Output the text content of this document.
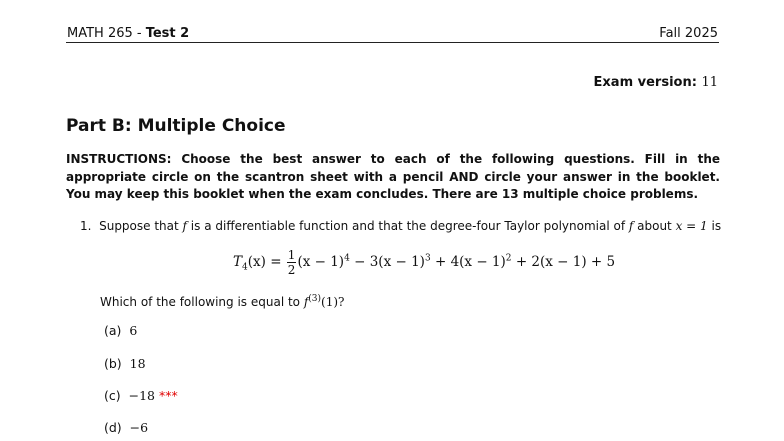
MATH 265 - Test 2	Fall 2025
Exam version: 11
Part B: Multiple Choice
INSTRUCTIONS: Choose the best answer to each of the following questions. Fill in the appropriate circle on the scantron sheet with a pencil AND circle your answer in the booklet. You may keep this booklet when the exam concludes. There are 13 multiple choice problems.
1. Suppose that f is a differentiable function and that the degree-four Taylor polynomial of f about x = 1 is
$T_4(x) = \frac{1}{2} (x - 1)^4 - 3(x - 1)^3 + 4(x - 1)^2 + 2(x - 1) + 5$
Which of the following is equal to $f^{(3)}(1)$?
(a) 6
(b) 18
(c) −18 ***
(d) −6
